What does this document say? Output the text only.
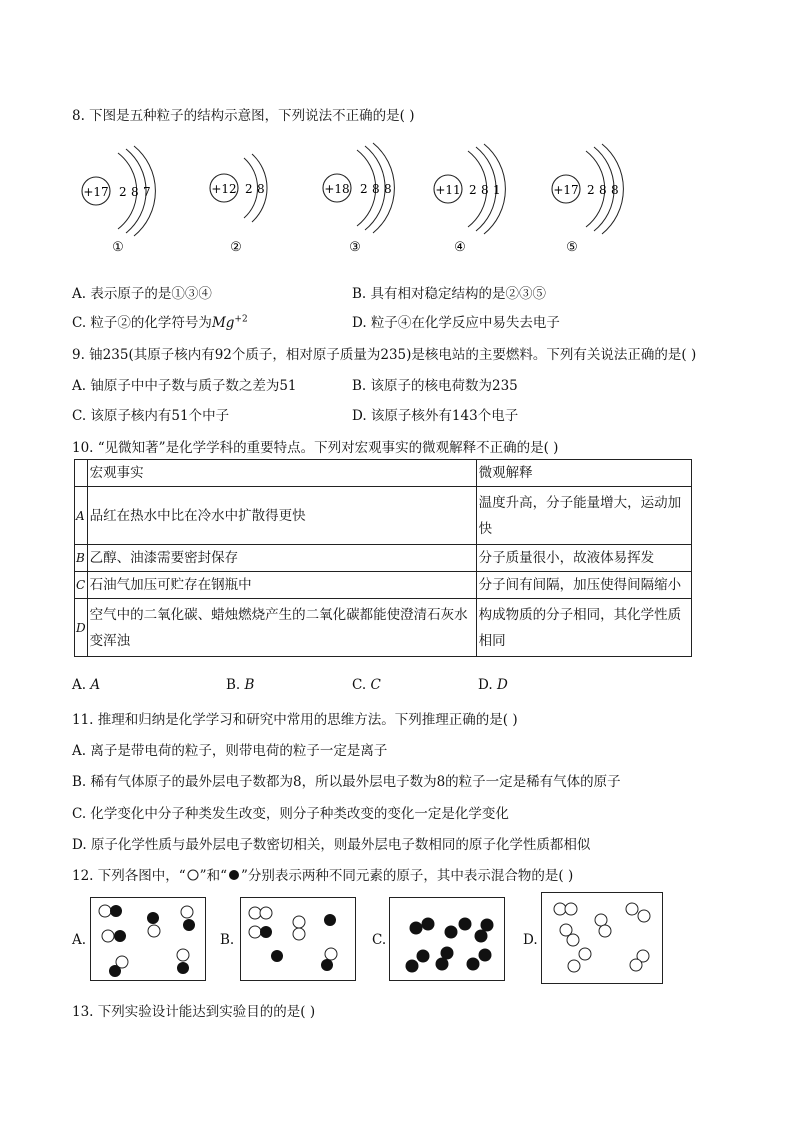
8. 下图是五种粒子的结构示意图，下列说法不正确的是( )
+17 2 8 7
①
+12 2 8
②
+18 2 8 8
③
+11 2 8 1
④
+17 2 8 8
⑤
A. 表示原子的是①③④	B. 具有相对稳定结构的是②③⑤
C. 粒子②的化学符号为$Mg^{+2}$	D. 粒子④在化学反应中易失去电子
9. 铀235(其原子核内有92个质子，相对原子质量为235)是核电站的主要燃料。下列有关说法正确的是( )
A. 铀原子中中子数与质子数之差为51	B. 该原子的核电荷数为235
C. 该原子核内有51个中子	D. 该原子核外有143个电子
10. “见微知著”是化学学科的重要特点。下列对宏观事实的微观解释不正确的是( )
	宏观事实	微观解释
A	品红在热水中比在冷水中扩散得更快	温度升高，分子能量增大，运动加快
B	乙醇、油漆需要密封保存	分子质量很小，故液体易挥发
C	石油气加压可贮存在钢瓶中	分子间有间隔，加压使得间隔缩小
D	空气中的二氧化碳、蜡烛燃烧产生的二氧化碳都能使澄清石灰水变浑浊	构成物质的分子相同，其化学性质相同
A. A	B. B	C. C	D. D
11. 推理和归纳是化学学习和研究中常用的思维方法。下列推理正确的是( )
A. 离子是带电荷的粒子，则带电荷的粒子一定是离子
B. 稀有气体原子的最外层电子数都为8，所以最外层电子数为8的粒子一定是稀有气体的原子
C. 化学变化中分子种类发生改变，则分子种类改变的变化一定是化学变化
D. 原子化学性质与最外层电子数密切相关，则最外层电子数相同的原子化学性质都相似
12. 下列各图中，“ ”和“ ”分别表示两种不同元素的原子，其中表示混合物的是( )
A.	B.	C.	D.
13. 下列实验设计能达到实验目的的是( )
